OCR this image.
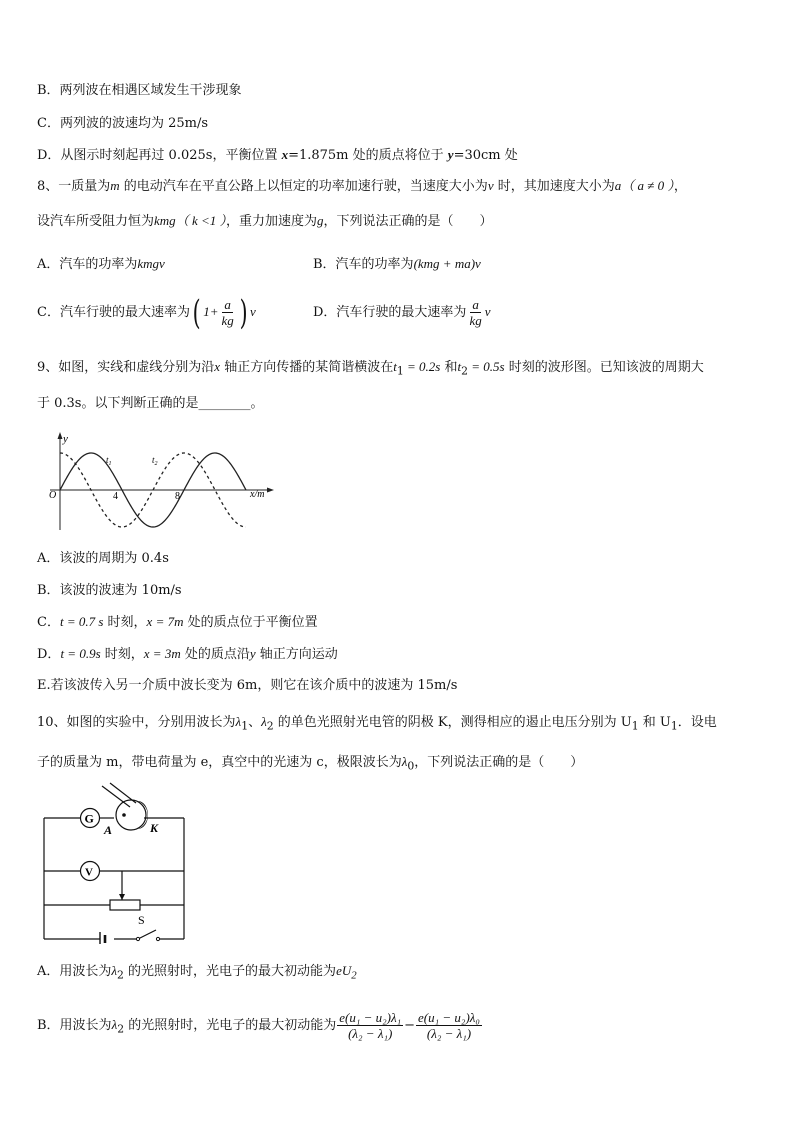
B．两列波在相遇区域发生干涉现象
C．两列波的波速均为 25m/s
D．从图示时刻起再过 0.025s，平衡位置 x=1.875m 处的质点将位于 y=30cm 处
8、一质量为m 的电动汽车在平直公路上以恒定的功率加速行驶，当速度大小为v 时，其加速度大小为a（ a ≠ 0 ），
设汽车所受阻力恒为kmg（ k <1 ），重力加速度为g，下列说法正确的是（　　）
A．汽车的功率为kmgv	B．汽车的功率为(kmg + ma)v
C．汽车行驶的最大速率为( $1+ \frac{a}{kg}$ ) v	D．汽车行驶的最大速率为 $\frac{a}{kg}$ v
9、如图，实线和虚线分别为沿x 轴正方向传播的某简谐横波在$t_1 = 0.2s$ 和$t_2 = 0.5s$ 时刻的波形图。已知该波的周期大
于 0.3s。以下判断正确的是________。
y
x/m
O	4	8
$t_1$	$t_2$
A．该波的周期为 0.4s
B．该波的波速为 10m/s
C．t = 0.7 s 时刻，x = 7m 处的质点位于平衡位置
D．t = 0.9s 时刻，x = 3m 处的质点沿y 轴正方向运动
E.若该波传入另一介质中波长变为 6m，则它在该介质中的波速为 15m/s
10、如图的实验中，分别用波长为$\lambda_1$、$\lambda_2$ 的单色光照射光电管的阴极 K，测得相应的遏止电压分别为 $U_1$ 和 $U_1$．设电
子的质量为 m，带电荷量为 e，真空中的光速为 c，极限波长为$\lambda_0$，下列说法正确的是（　　）
G
V
A	K
S
A．用波长为$\lambda_2$ 的光照射时，光电子的最大初动能为$eU_2$
B．用波长为$\lambda_2$ 的光照射时，光电子的最大初动能为 $\frac{\text{e(u₁ − u₂)λ₁}}{\text{(λ₂ − λ₁)}} - \frac{\text{e(u₁ − u₂)λ₀}}{\text{(λ₂ − λ₁)}}$
